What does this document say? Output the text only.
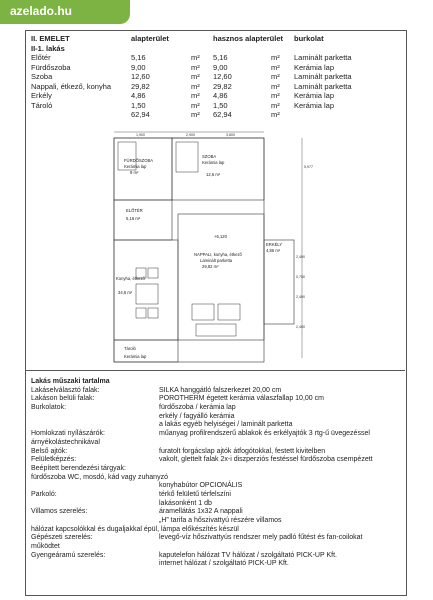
azelado.hu
II. EMELET	alapterület	hasznos alapterület burkolat
II-1. lakás
Előtér	5,16	m² 5,16	m² Laminált parketta
Fürdőszoba	9,00	m² 9,00	m² Kerámia lap
Szoba	12,60	m² 12,60	m² Laminált parketta
Nappali, étkező, konyha	29,82	m² 29,82	m² Laminált parketta
Erkély	4,86	m² 4,86	m² Kerámia lap
Tároló	1,50	m² 1,50	m² Kerámia lap
62,94	m² 62,94	m²
FÜRDŐSZOBA
Kerámia lap
9 m²
SZOBA
Kerámia lap
12,6 m²
ELŐTÉR
5,16 m²
NAPPALI, konyha, étkező
Laminált parketta
29,82 m²
Konyha, étkező
34,6 m²
ERKÉLY
4,86 m²
Tároló
Kerámia lap
+6,120
1,900	2,900	3,800
5,977
2,400
0,750
2,400
2,400
Lakás műszaki tartalma
Lakáselválasztó falak:	SILKA hanggátló falszerkezet 20,00 cm
Lakáson belüli falak:	POROTHERM égetett kerámia válaszfallap 10,00 cm
Burkolatok:	fürdőszoba / kerámia lap
erkély / fagyálló kerámia
a lakás egyéb helyiségei / laminált parketta
Homlokzati nyílászárók:	műanyag profilrendszerű ablakok és erkélyajtók 3 rtg-ű üvegezéssel
árnyékolástechnikával
Belső ajtók:	furatolt forgácslap ajtók átfogótokkal, festett kivitelben
Felületképzés:	vakolt, glettelt falak 2x-i diszperziós festéssel fürdőszoba csempézett
Beépített berendezési tárgyak:
fürdőszoba WC, mosdó, kád vagy zuhanyzó
konyhabútor OPCIONÁLIS
Parkoló:	térkő felületű térfelszíni
lakásonként 1 db
Villamos szerelés:	áramellátás 1x32 A nappali
„H” tarifa a hőszivattyú részére villamos
hálózat kapcsolókkal és dugaljakkal épül, lámpa előkészítés készül
Gépészeti szerelés:	levegő-víz hőszivattyús rendszer mely padló fűtést és fan-coilokat
működtet
Gyengeáramú szerelés:	kaputelefon hálózat TV hálózat / szolgáltató PICK-UP Kft.
internet hálózat / szolgáltató PICK-UP Kft.
